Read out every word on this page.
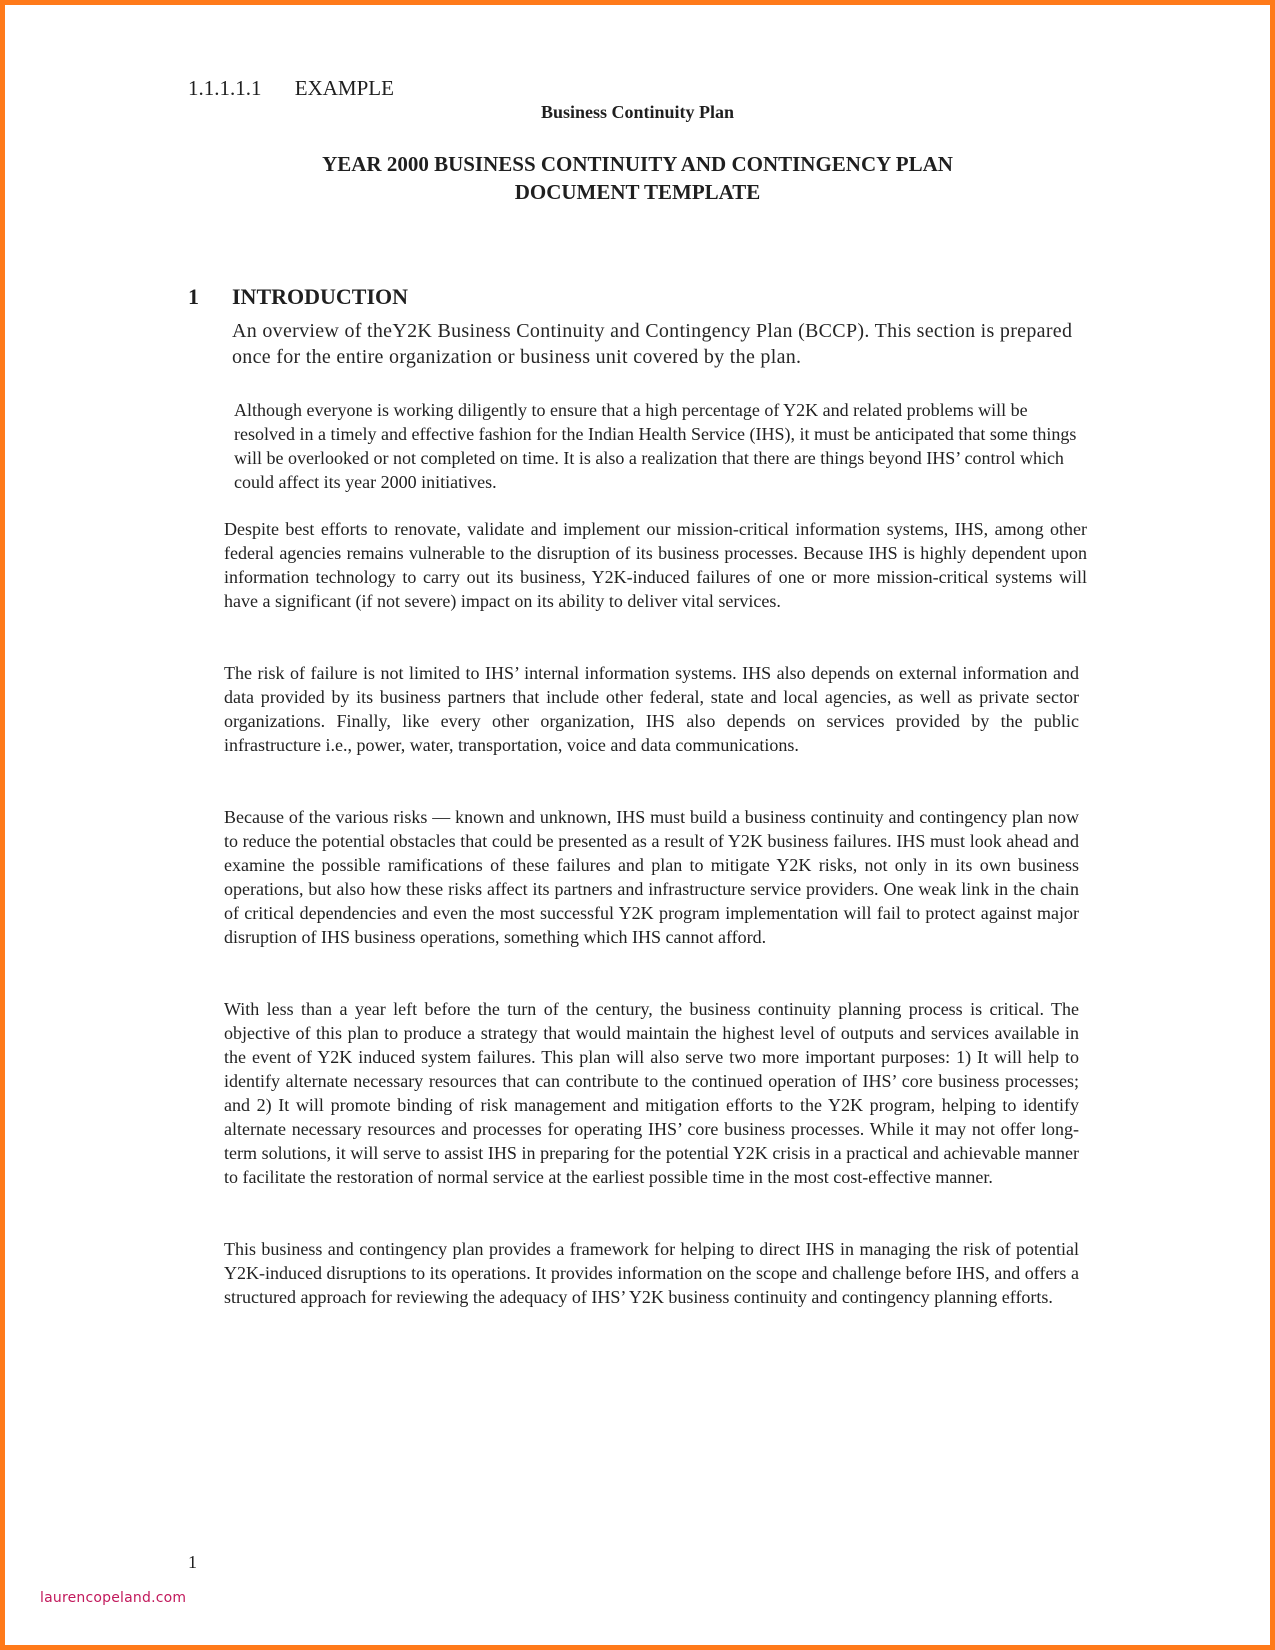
1.1.1.1.1 EXAMPLE
Business Continuity Plan
YEAR 2000 BUSINESS CONTINUITY AND CONTINGENCY PLAN
DOCUMENT TEMPLATE
1 INTRODUCTION
An overview of theY2K Business Continuity and Contingency Plan (BCCP). This section is prepared once for the entire organization or business unit covered by the plan.

Although everyone is working diligently to ensure that a high percentage of Y2K and related problems will be resolved in a timely and effective fashion for the Indian Health Service (IHS), it must be anticipated that some things will be overlooked or not completed on time. It is also a realization that there are things beyond IHS’ control which could affect its year 2000 initiatives.

Despite best efforts to renovate, validate and implement our mission-critical information systems, IHS, among other federal agencies remains vulnerable to the disruption of its business processes. Because IHS is highly dependent upon information technology to carry out its business, Y2K-induced failures of one or more mission-critical systems will have a significant (if not severe) impact on its ability to deliver vital services.

The risk of failure is not limited to IHS’ internal information systems. IHS also depends on external information and data provided by its business partners that include other federal, state and local agencies, as well as private sector organizations. Finally, like every other organization, IHS also depends on services provided by the public infrastructure i.e., power, water, transportation, voice and data communications.

Because of the various risks — known and unknown, IHS must build a business continuity and contingency plan now to reduce the potential obstacles that could be presented as a result of Y2K business failures. IHS must look ahead and examine the possible ramifications of these failures and plan to mitigate Y2K risks, not only in its own business operations, but also how these risks affect its partners and infrastructure service providers. One weak link in the chain of critical dependencies and even the most successful Y2K program implementation will fail to protect against major disruption of IHS business operations, something which IHS cannot afford.

With less than a year left before the turn of the century, the business continuity planning process is critical. The objective of this plan to produce a strategy that would maintain the highest level of outputs and services available in the event of Y2K induced system failures. This plan will also serve two more important purposes: 1) It will help to identify alternate necessary resources that can contribute to the continued operation of IHS’ core business processes; and 2) It will promote binding of risk management and mitigation efforts to the Y2K program, helping to identify alternate necessary resources and processes for operating IHS’ core business processes. While it may not offer long-term solutions, it will serve to assist IHS in preparing for the potential Y2K crisis in a practical and achievable manner to facilitate the restoration of normal service at the earliest possible time in the most cost-effective manner.

This business and contingency plan provides a framework for helping to direct IHS in managing the risk of potential Y2K-induced disruptions to its operations. It provides information on the scope and challenge before IHS, and offers a structured approach for reviewing the adequacy of IHS’ Y2K business continuity and contingency planning efforts.

1
laurencopeland.com
